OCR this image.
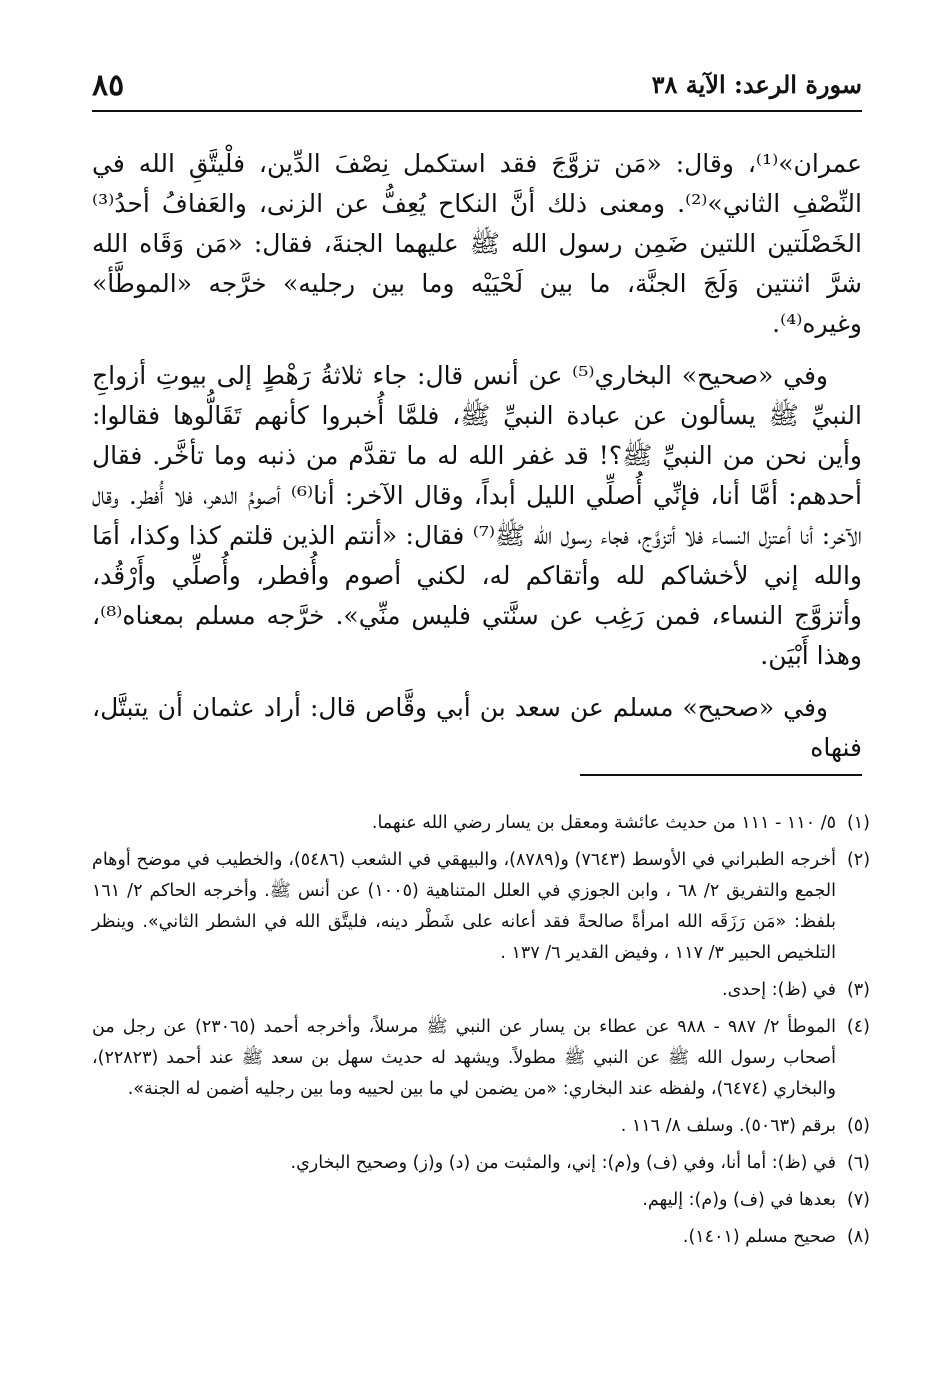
سورة الرعد: الآية ٣٨
٨٥

عمران»⁽¹⁾، وقال: «مَن تزوَّجَ فقد استكمل نِصْفَ الدِّين، فلْيتَّقِ الله في النِّصْفِ الثاني»⁽²⁾. ومعنى ذلك أنَّ النكاح يُعِفُّ عن الزنى، والعَفافُ أحدُ⁽³⁾ الخَصْلَتين اللتين ضَمِن رسول الله ﷺ عليهما الجنةَ، فقال: «مَن وَقَاه الله شرَّ اثنتين وَلَجَ الجنَّة، ما بين لَحْيَيْه وما بين رجليه» خرَّجه «الموطَّأ» وغيره⁽⁴⁾.

وفي «صحيح» البخاري⁽⁵⁾ عن أنس قال: جاء ثلاثةُ رَهْطٍ إلى بيوتِ أزواجِ النبيِّ ﷺ يسألون عن عبادة النبيِّ ﷺ، فلمَّا أُخبروا كأنهم تَقَالُّوها فقالوا: وأين نحن من النبيِّ ﷺ؟! قد غفر الله له ما تقدَّم من ذنبه وما تأخَّر. فقال أحدهم: أمَّا أنا، فإنِّي أُصلِّي الليل أبداً، وقال الآخر: أنا⁽⁶⁾ أصومُ الدهر، فلا أُفطر. وقال الآخر: أنا أعتزل النساء فلا أتزوَّج، فجاء رسول الله ﷺ⁽⁷⁾ فقال: «أنتم الذين قلتم كذا وكذا، أمَا والله إني لأخشاكم لله وأتقاكم له، لكني أصوم وأُفطر، وأُصلِّي وأَرْقُد، وأتزوَّج النساء، فمن رَغِب عن سنَّتي فليس منِّي». خرَّجه مسلم بمعناه⁽⁸⁾، وهذا أَبْيَن.

وفي «صحيح» مسلم عن سعد بن أبي وقَّاص قال: أراد عثمان أن يتبتَّل، فنهاه

(١)٥/ ١١٠ - ١١١ من حديث عائشة ومعقل بن يسار رضي الله عنهما.

(٢)أخرجه الطبراني في الأوسط (٧٦٤٣) و(٨٧٨٩)، والبيهقي في الشعب (٥٤٨٦)، والخطيب في موضح أوهام الجمع والتفريق ٢/ ٦٨ ، وابن الجوزي في العلل المتناهية (١٠٠٥) عن أنس ﷺ. وأخرجه الحاكم ٢/ ١٦١ بلفظ: «مَن رَزَقَه الله امرأةً صالحةً فقد أعانه على شَطْر دينه، فليتَّق الله في الشطر الثاني». وينظر التلخيص الحبير ٣/ ١١٧ ، وفيض القدير ٦/ ١٣٧ .

(٣)في (ظ): إحدى.

(٤)الموطأ ٢/ ٩٨٧ - ٩٨٨ عن عطاء بن يسار عن النبي ﷺ مرسلاً، وأخرجه أحمد (٢٣٠٦٥) عن رجل من أصحاب رسول الله ﷺ عن النبي ﷺ مطولاً. ويشهد له حديث سهل بن سعد ﷺ عند أحمد (٢٢٨٢٣)، والبخاري (٦٤٧٤)، ولفظه عند البخاري: «من يضمن لي ما بين لحييه وما بين رجليه أضمن له الجنة».

(٥)برقم (٥٠٦٣). وسلف ٨/ ١١٦ .

(٦)في (ظ): أما أنا، وفي (ف) و(م): إني، والمثبت من (د) و(ز) وصحيح البخاري.

(٧)بعدها في (ف) و(م): إليهم.

(٨)صحيح مسلم (١٤٠١).
